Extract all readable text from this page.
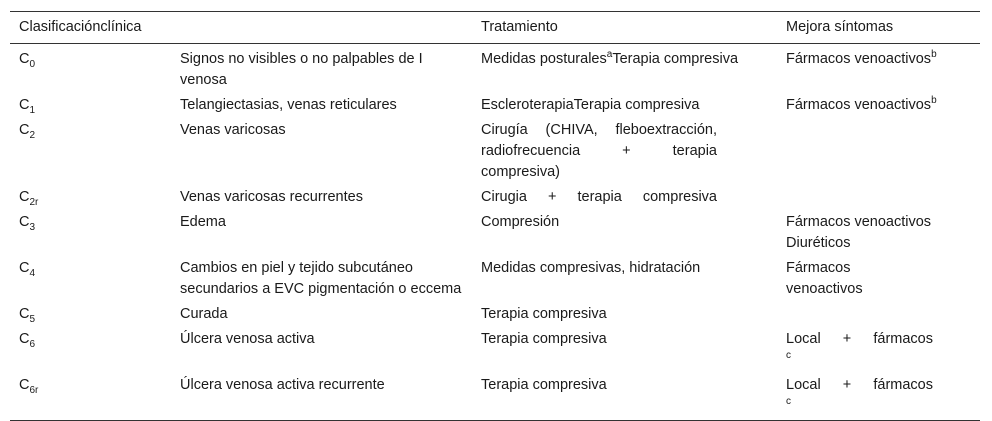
Clasificaciónclínica		Tratamiento	Mejora síntomas
$C_0$	Signos no visibles o no palpables de I venosa	Medidas posturales$^a$Terapia compresiva	Fármacos venoactivos$^b$
$C_1$	Telangiectasias, venas reticulares	EscleroterapiaTerapia compresiva	Fármacos venoactivos$^b$
$C_2$	Venas varicosas	Cirugía (CHIVA, fleboextracción, radiofrecuencia + terapia compresiva)	
$C_{2r}$	Venas varicosas recurrentes	Cirugia + terapia compresiva	
$C_3$	Edema	Compresión	Fármacos venoactivos Diuréticos
$C_4$	Cambios en piel y tejido subcutáneo secundarios a EVC pigmentación o eccema	Medidas compresivas, hidratación	Fármacos venoactivos
$C_5$	Curada	Terapia compresiva	
$C_6$	Úlcera venosa activa	Terapia compresiva	Local + fármacos$^c$
$C_{6r}$	Úlcera venosa activa recurrente	Terapia compresiva	Local + fármacos$^c$
